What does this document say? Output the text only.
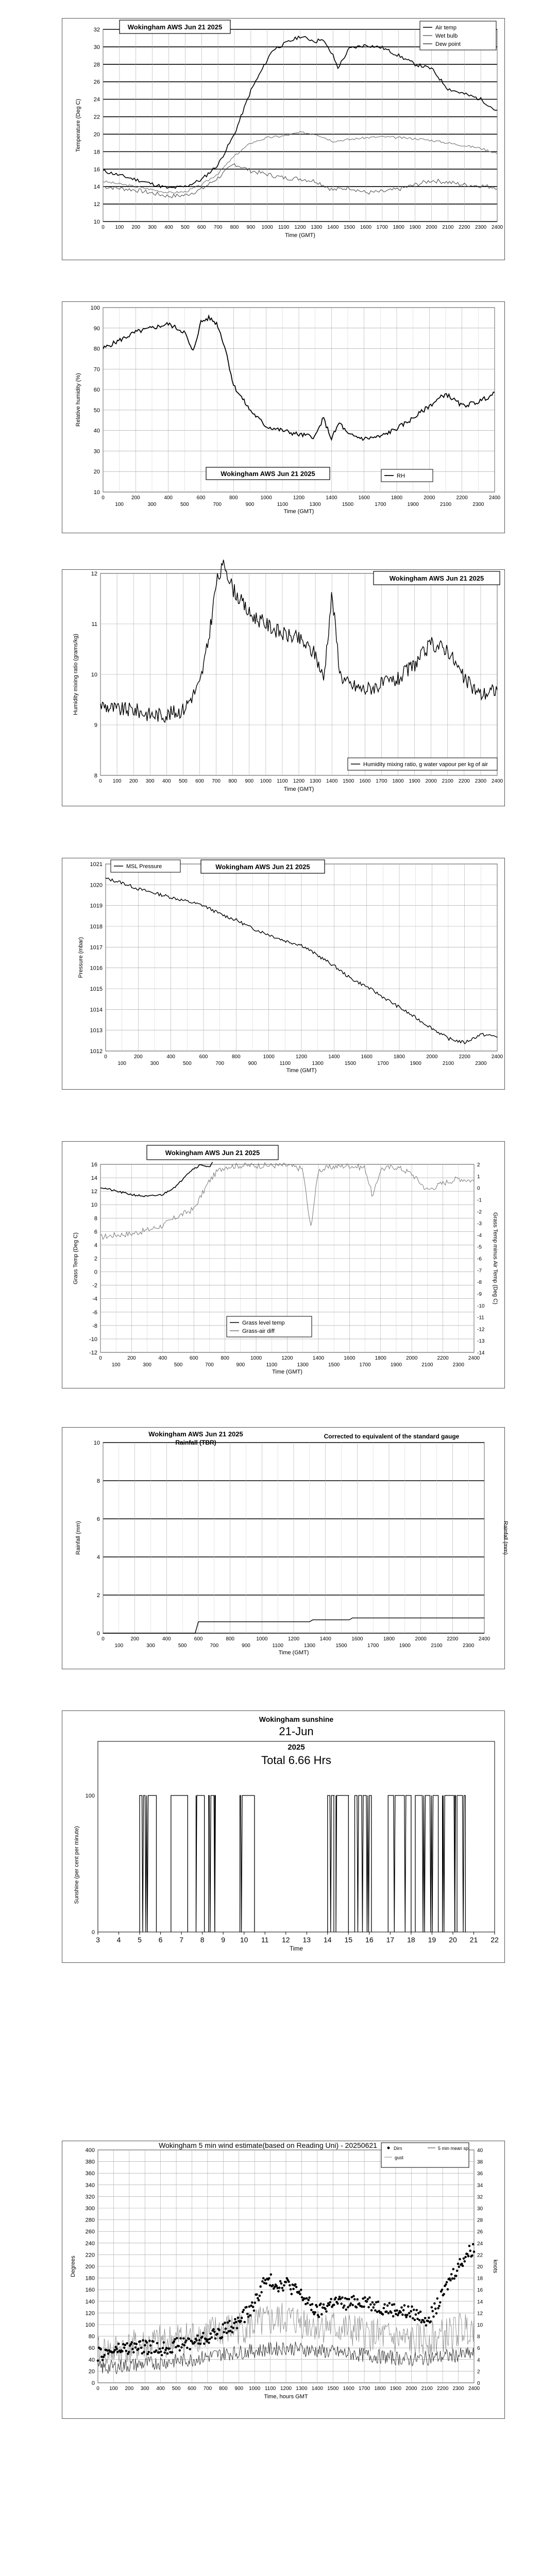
10
12
14
16
18
20
22
24
26
28
30
32
0 100 200 300 400 500 600 700 800 900 1000 1100 1200 1300 1400 1500 1600 1700 1800 1900 2000 2100 2200 2300 2400
Time (GMT)
Temperature (Deg C)
Wokingham AWS Jun 21 2025	Air temp
Wet bulb
Dew point
10
20
30
40
50
60
70
80
90
100
0	200	400	600	800	1000	1200	1400	1600	1800	2000	2200	2400
100	300	500	700	900	1100	1300	1500	1700	1900	2100	2300
Time (GMT)
Relative humidity (%)
Wokingham AWS Jun 21 2025	RH
8
9
10
11
12
0 100 200 300 400 500 600 700 800 900 1000 1100 1200 1300 1400 1500 1600 1700 1800 1900 2000 2100 2200 2300 2400
Time (GMT)
Humidity mixing ratio (grams/kg)
Wokingham AWS Jun 21 2025
Humidity mixing ratio, g water vapour per kg of air
1012
1013
1014
1015
1016
1017
1018
1019
1020
1021
0	200	400	600	800	1000	1200	1400	1600	1800	2000	2200	2400
100	300	500	700	900	1100	1300	1500	1700	1900	2100	2300
Time (GMT)
Pressure (mbar)
MSL Pressure	Wokingham AWS Jun 21 2025
-12
-10
-8
-6
-4
-2
0
2
4
6
8
10
12
14
16
-14
-13
-12
-11
-10
-9
-8
-7
-6
-5
-4
-3
-2
-1
0
1
2
0	200	400	600	800	1000	1200	1400	1600	1800	2000	2200	2400
100	300	500	700	900	1100	1300	1500	1700	1900	2100	2300
Time (GMT)
Grass Temp (Deg C)	Grass Temp minus Air Temp (Deg C)
Wokingham AWS Jun 21 2025
Grass level temp
Grass-air diff
0
2
4
6
8
10
0	200	400	600	800	1000	1200	1400	1600	1800	2000	2200	2400
100	300	500	700	900	1100	1300	1500	1700	1900	2100	2300
Time (GMT)
Rainfall (mm)	Rainfall (mm)
Wokingham AWS Jun 21 2025
Rainfall (TBR)
Corrected to equivalent of the standard gauge
3 4 5 6 7 8 9 10 11 12 13 14 15 16 17 18 19 20 21 22
0
100
Wokingham sunshine
21-Jun
2025
Total 6.66 Hrs
Time
Sunshine (per cent per minute)
0
20
40
60
80
100
120
140
160
180
200
220
240
260
280
300
320
340
360
380
400
0
2
4
6
8
10
12
14
16
18
20
22
24
26
28
30
32
34
36
38
40
0 100 200 300 400 500 600 700 800 900 1000 1100 1200 1300 1400 1500 1600 1700 1800 1900 2000 2100 2200 2300 2400
Time, hours GMT
Degrees	knots
Wokingham 5 min wind estimate(based on Reading Uni) - 20250621	Dirn	5 min mean sp
gust
